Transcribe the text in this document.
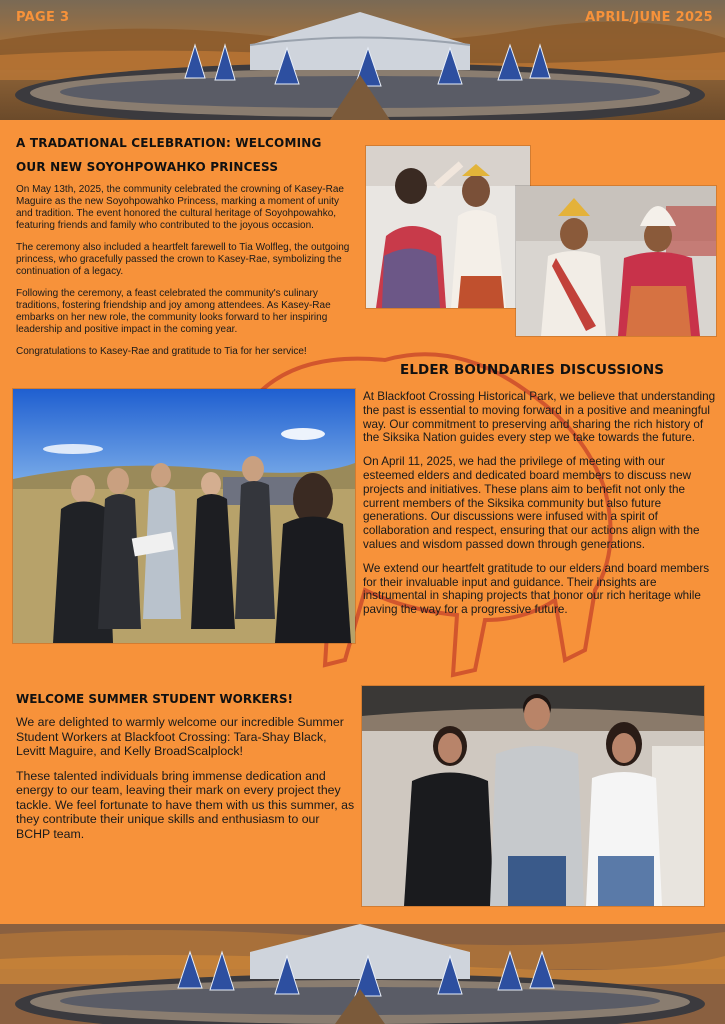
PAGE 3	APRIL/JUNE 2025
A TRADATIONAL CELEBRATION: WELCOMING
OUR NEW SOYOHPOWAHKO PRINCESS

On May 13th, 2025, the community celebrated the crowning of Kasey-Rae Maguire as the new Soyohpowahko Princess, marking a moment of unity and tradition. The event honored the cultural heritage of Soyohpowahko, featuring friends and family who contributed to the joyous occasion.

The ceremony also included a heartfelt farewell to Tia Wolfleg, the outgoing princess, who gracefully passed the crown to Kasey-Rae, symbolizing the continuation of a legacy.

Following the ceremony, a feast celebrated the community's culinary traditions, fostering friendship and joy among attendees. As Kasey-Rae embarks on her new role, the community looks forward to her inspiring leadership and positive impact in the coming year.

Congratulations to Kasey-Rae and gratitude to Tia for her service!

ELDER BOUNDARIES DISCUSSIONS

At Blackfoot Crossing Historical Park, we believe that understanding the past is essential to moving forward in a positive and meaningful way. Our commitment to preserving and sharing the rich history of the Siksika Nation guides every step we take towards the future.

On April 11, 2025, we had the privilege of meeting with our esteemed elders and dedicated board members to discuss new projects and initiatives. These plans aim to benefit not only the current members of the Siksika community but also future generations. Our discussions were infused with a spirit of collaboration and respect, ensuring that our actions align with the values and wisdom passed down through generations.

We extend our heartfelt gratitude to our elders and board members for their invaluable input and guidance. Their insights are instrumental in shaping projects that honor our rich heritage while paving the way for a progressive future.

WELCOME SUMMER STUDENT WORKERS!

We are delighted to warmly welcome our incredible Summer Student Workers at Blackfoot Crossing: Tara-Shay Black, Levitt Maguire, and Kelly BroadScalplock!

These talented individuals bring immense dedication and energy to our team, leaving their mark on every project they tackle. We feel fortunate to have them with us this summer, as they contribute their unique skills and enthusiasm to our BCHP team.
